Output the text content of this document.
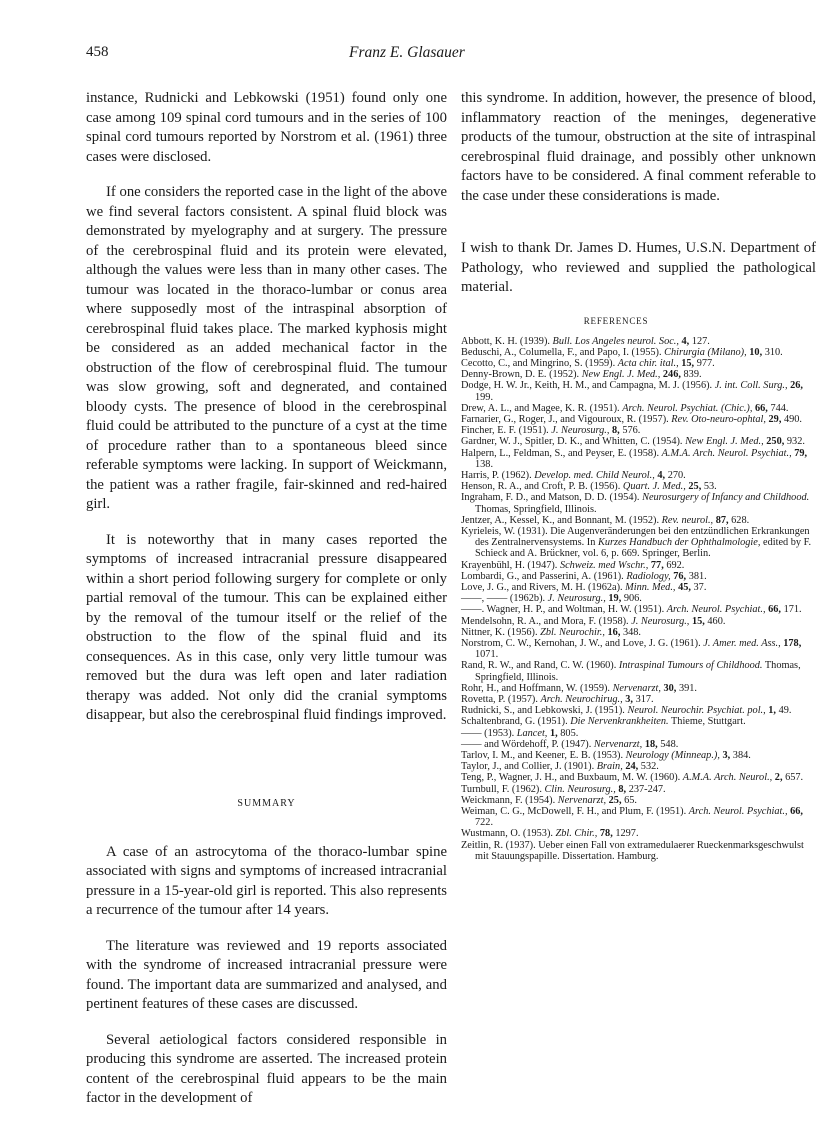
458	Franz E. Glasauer

instance, Rudnicki and Lebkowski (1951) found only one case among 109 spinal cord tumours and in the series of 100 spinal cord tumours reported by Norstrom et al. (1961) three cases were disclosed.

If one considers the reported case in the light of the above we find several factors consistent. A spinal fluid block was demonstrated by myelography and at surgery. The pressure of the cerebrospinal fluid and its protein were elevated, although the values were less than in many other cases. The tumour was located in the thoraco-lumbar or conus area where supposedly most of the intraspinal absorption of cerebrospinal fluid takes place. The marked kyphosis might be considered as an added mechanical factor in the obstruction of the flow of cerebrospinal fluid. The tumour was slow growing, soft and degnerated, and contained bloody cysts. The presence of blood in the cerebrospinal fluid could be attributed to the puncture of a cyst at the time of procedure rather than to a spontaneous bleed since referable symptoms were lacking. In support of Weickmann, the patient was a rather fragile, fair-skinned and red-haired girl.

It is noteworthy that in many cases reported the symptoms of increased intracranial pressure disappeared within a short period following surgery for complete or only partial removal of the tumour. This can be explained either by the removal of the tumour itself or the relief of the obstruction to the flow of the spinal fluid and its consequences. As in this case, only very little tumour was removed but the dura was left open and later radiation therapy was added. Not only did the cranial symptoms disappear, but also the cerebrospinal fluid findings improved.

SUMMARY

A case of an astrocytoma of the thoraco-lumbar spine associated with signs and symptoms of increased intracranial pressure in a 15-year-old girl is reported. This also represents a recurrence of the tumour after 14 years.

The literature was reviewed and 19 reports associated with the syndrome of increased intracranial pressure were found. The important data are summarized and analysed, and pertinent features of these cases are discussed.

Several aetiological factors considered responsible in producing this syndrome are asserted. The increased protein content of the cerebrospinal fluid appears to be the main factor in the development of

this syndrome. In addition, however, the presence of blood, inflammatory reaction of the meninges, degenerative products of the tumour, obstruction at the site of intraspinal cerebrospinal fluid drainage, and possibly other unknown factors have to be considered. A final comment referable to the case under these considerations is made.

I wish to thank Dr. James D. Humes, U.S.N. Department of Pathology, who reviewed and supplied the pathological material.

REFERENCES
Abbott, K. H. (1939). Bull. Los Angeles neurol. Soc., 4, 127.
Beduschi, A., Columella, F., and Papo, I. (1955). Chirurgia (Milano), 10, 310.
Cecotto, C., and Mingrino, S. (1959). Acta chir. ital., 15, 977.
Denny-Brown, D. E. (1952). New Engl. J. Med., 246, 839.
Dodge, H. W. Jr., Keith, H. M., and Campagna, M. J. (1956). J. int. Coll. Surg., 26, 199.
Drew, A. L., and Magee, K. R. (1951). Arch. Neurol. Psychiat. (Chic.), 66, 744.
Farnarier, G., Roger, J., and Vigouroux, R. (1957). Rev. Oto-neuro-ophtal, 29, 490.
Fincher, E. F. (1951). J. Neurosurg., 8, 576.
Gardner, W. J., Spitler, D. K., and Whitten, C. (1954). New Engl. J. Med., 250, 932.
Halpern, L., Feldman, S., and Peyser, E. (1958). A.M.A. Arch. Neurol. Psychiat., 79, 138.
Harris, P. (1962). Develop. med. Child Neurol., 4, 270.
Henson, R. A., and Croft, P. B. (1956). Quart. J. Med., 25, 53.
Ingraham, F. D., and Matson, D. D. (1954). Neurosurgery of Infancy and Childhood. Thomas, Springfield, Illinois.
Jentzer, A., Kessel, K., and Bonnant, M. (1952). Rev. neurol., 87, 628.
Kyrieleis, W. (1931). Die Augenveränderungen bei den entzündlichen Erkrankungen des Zentralnervensystems. In Kurzes Handbuch der Ophthalmologie, edited by F. Schieck and A. Brückner, vol. 6, p. 669. Springer, Berlin.
Krayenbühl, H. (1947). Schweiz. med Wschr., 77, 692.
Lombardi, G., and Passerini, A. (1961). Radiology, 76, 381.
Love, J. G., and Rivers, M. H. (1962a). Minn. Med., 45, 37.
——, —— (1962b). J. Neurosurg., 19, 906.
——. Wagner, H. P., and Woltman, H. W. (1951). Arch. Neurol. Psychiat., 66, 171.
Mendelsohn, R. A., and Mora, F. (1958). J. Neurosurg., 15, 460.
Nittner, K. (1956). Zbl. Neurochir., 16, 348.
Norstrom, C. W., Kernohan, J. W., and Love, J. G. (1961). J. Amer. med. Ass., 178, 1071.
Rand, R. W., and Rand, C. W. (1960). Intraspinal Tumours of Childhood. Thomas, Springfield, Illinois.
Rohr, H., and Hoffmann, W. (1959). Nervenarzt, 30, 391.
Rovetta, P. (1957). Arch. Neurochirug., 3, 317.
Rudnicki, S., and Lebkowski, J. (1951). Neurol. Neurochir. Psychiat. pol., 1, 49.
Schaltenbrand, G. (1951). Die Nervenkrankheiten. Thieme, Stuttgart.
—— (1953). Lancet, 1, 805.
—— and Wördehoff, P. (1947). Nervenarzt, 18, 548.
Tarlov, I. M., and Keener, E. B. (1953). Neurology (Minneap.), 3, 384.
Taylor, J., and Collier, J. (1901). Brain, 24, 532.
Teng, P., Wagner, J. H., and Buxbaum, M. W. (1960). A.M.A. Arch. Neurol., 2, 657.
Turnbull, F. (1962). Clin. Neurosurg., 8, 237-247.
Weickmann, F. (1954). Nervenarzt, 25, 65.
Weiman, C. G., McDowell, F. H., and Plum, F. (1951). Arch. Neurol. Psychiat., 66, 722.
Wustmann, O. (1953). Zbl. Chir., 78, 1297.
Zeitlin, R. (1937). Ueber einen Fall von extramedulaerer Rueckenmarksgeschwulst mit Stauungspapille. Dissertation. Hamburg.
